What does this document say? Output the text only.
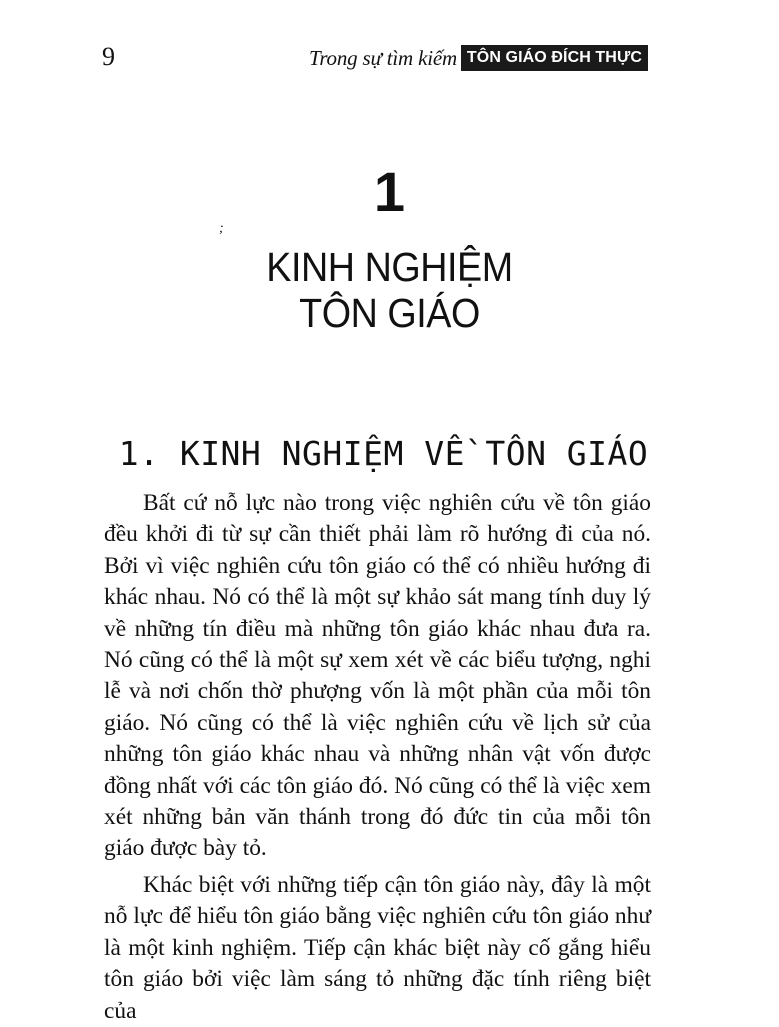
9	Trong sự tìm kiếm TÔN GIÁO ĐÍCH THỰC
1
;
KINH NGHIỆM
TÔN GIÁO
1. KINH NGHIỆM VỀ TÔN GIÁO

Bất cứ nỗ lực nào trong việc nghiên cứu về tôn giáo đều khởi đi từ sự cần thiết phải làm rõ hướng đi của nó. Bởi vì việc nghiên cứu tôn giáo có thể có nhiều hướng đi khác nhau. Nó có thể là một sự khảo sát mang tính duy lý về những tín điều mà những tôn giáo khác nhau đưa ra. Nó cũng có thể là một sự xem xét về các biểu tượng, nghi lễ và nơi chốn thờ phượng vốn là một phần của mỗi tôn giáo. Nó cũng có thể là việc nghiên cứu về lịch sử của những tôn giáo khác nhau và những nhân vật vốn được đồng nhất với các tôn giáo đó. Nó cũng có thể là việc xem xét những bản văn thánh trong đó đức tin của mỗi tôn giáo được bày tỏ.

Khác biệt với những tiếp cận tôn giáo này, đây là một nỗ lực để hiểu tôn giáo bằng việc nghiên cứu tôn giáo như là một kinh nghiệm. Tiếp cận khác biệt này cố gắng hiểu tôn giáo bởi việc làm sáng tỏ những đặc tính riêng biệt của
